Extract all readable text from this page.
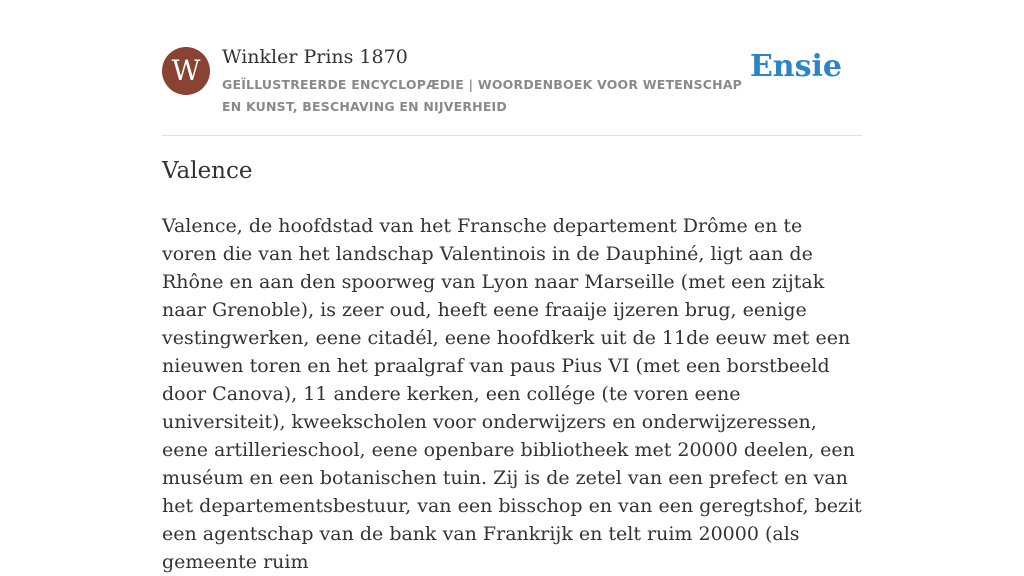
W	Winkler Prins 1870
GEÏLLUSTREERDE ENCYCLOPÆDIE | WOORDENBOEK VOOR WETENSCHAP EN KUNST, BESCHAVING EN NIJVERHEID
Ensie
Valence

Valence, de hoofdstad van het Fransche departement Drôme en te voren die van het landschap Valentinois in de Dauphiné, ligt aan de Rhône en aan den spoorweg van Lyon naar Marseille (met een zijtak naar Grenoble), is zeer oud, heeft eene fraaije ijzeren brug, eenige vestingwerken, eene citadél, eene hoofdkerk uit de 11de eeuw met een nieuwen toren en het praalgraf van paus Pius VI (met een borstbeeld door Canova), 11 andere kerken, een collége (te voren eene universiteit), kweekscholen voor onderwijzers en onderwijzeressen, eene artillerieschool, eene openbare bibliotheek met 20000 deelen, een muséum en een botanischen tuin. Zij is de zetel van een prefect en van het departementsbestuur, van een bisschop en van een geregtshof, bezit een agentschap van de bank van Frankrijk en telt ruim 20000 (als gemeente ruim
